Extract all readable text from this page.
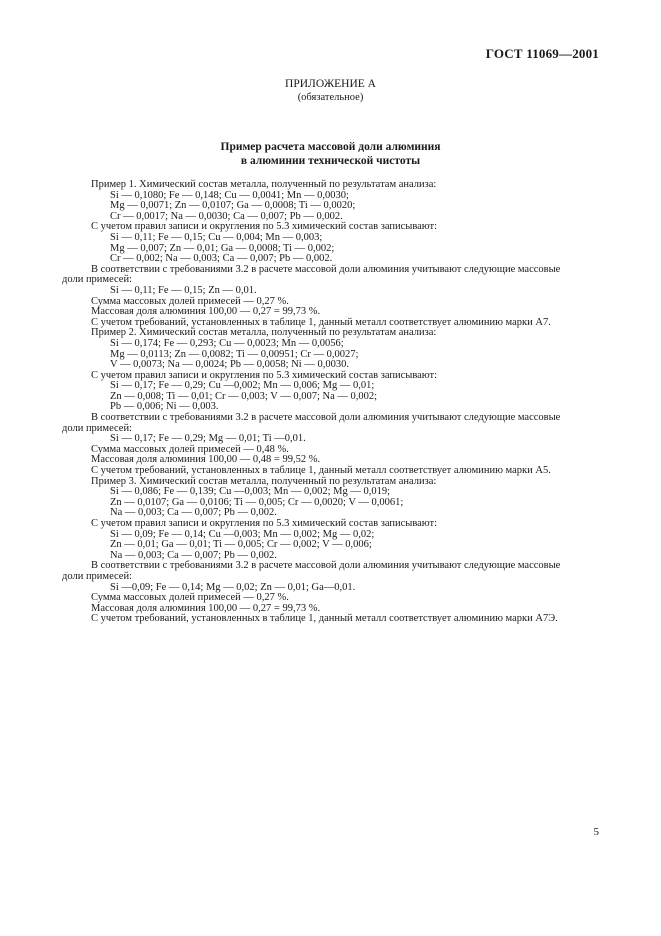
ГОСТ 11069—2001
ПРИЛОЖЕНИЕ А
(обязательное)
Пример расчета массовой доли алюминия
в алюминии технической чистоты
Пример 1. Химический состав металла, полученный по результатам анализа:
Si — 0,1080; Fe — 0,148; Cu — 0,0041; Mn — 0,0030;
Mg — 0,0071; Zn — 0,0107; Ga — 0,0008; Ti — 0,0020;
Cr — 0,0017; Na — 0,0030; Ca — 0,007; Pb — 0,002.
С учетом правил записи и округления по 5.3 химический состав записывают:
Si — 0,11; Fe — 0,15; Cu — 0,004; Mn — 0,003;
Mg — 0,007; Zn — 0,01; Ga — 0,0008; Ti — 0,002;
Cr — 0,002; Na — 0,003; Ca — 0,007; Pb — 0,002.
В соответствии с требованиями 3.2 в расчете массовой доли алюминия учитывают следующие массовые
доли примесей:
Si — 0,11; Fe — 0,15; Zn — 0,01.
Сумма массовых долей примесей — 0,27 %.
Массовая доля алюминия 100,00 — 0,27 = 99,73 %.
С учетом требований, установленных в таблице 1, данный металл соответствует алюминию марки А7.
Пример 2. Химический состав металла, полученный по результатам анализа:
Si — 0,174; Fe — 0,293; Cu — 0,0023; Mn — 0,0056;
Mg — 0,0113; Zn — 0,0082; Ti — 0,00951; Cr — 0,0027;
V — 0,0073; Na — 0,0024; Pb — 0,0058; Ni — 0,0030.
С учетом правил записи и округления по 5.3 химический состав записывают:
Si — 0,17; Fe — 0,29; Cu —0,002; Mn — 0,006; Mg — 0,01;
Zn — 0,008; Ti — 0,01; Cr — 0,003; V — 0,007; Na — 0,002;
Pb — 0,006; Ni — 0,003.
В соответствии с требованиями 3.2 в расчете массовой доли алюминия учитывают следующие массовые
доли примесей:
Si — 0,17; Fe — 0,29; Mg — 0,01; Ti —0,01.
Сумма массовых долей примесей — 0,48 %.
Массовая доля алюминия 100,00 — 0,48 = 99,52 %.
С учетом требований, установленных в таблице 1, данный металл соответствует алюминию марки А5.
Пример 3. Химический состав металла, полученный по результатам анализа:
Si — 0,086; Fe — 0,139; Cu —0,003; Mn — 0,002; Mg — 0,019;
Zn — 0,0107; Ga — 0,0106; Ti — 0,005; Cr — 0,0020; V — 0,0061;
Na — 0,003; Ca — 0,007; Pb — 0,002.
С учетом правил записи и округления по 5.3 химический состав записывают:
Si — 0,09; Fe — 0,14; Cu —0,003; Mn — 0,002; Mg — 0,02;
Zn — 0,01; Ga — 0,01; Ti — 0,005; Cr — 0,002; V — 0,006;
Na — 0,003; Ca — 0,007; Pb — 0,002.
В соответствии с требованиями 3.2 в расчете массовой доли алюминия учитывают следующие массовые
доли примесей:
Si —0,09; Fe — 0,14; Mg — 0,02; Zn — 0,01; Ga—0,01.
Сумма массовых долей примесей — 0,27 %.
Массовая доля алюминия 100,00 — 0,27 = 99,73 %.
С учетом требований, установленных в таблице 1, данный металл соответствует алюминию марки А7Э.
5
